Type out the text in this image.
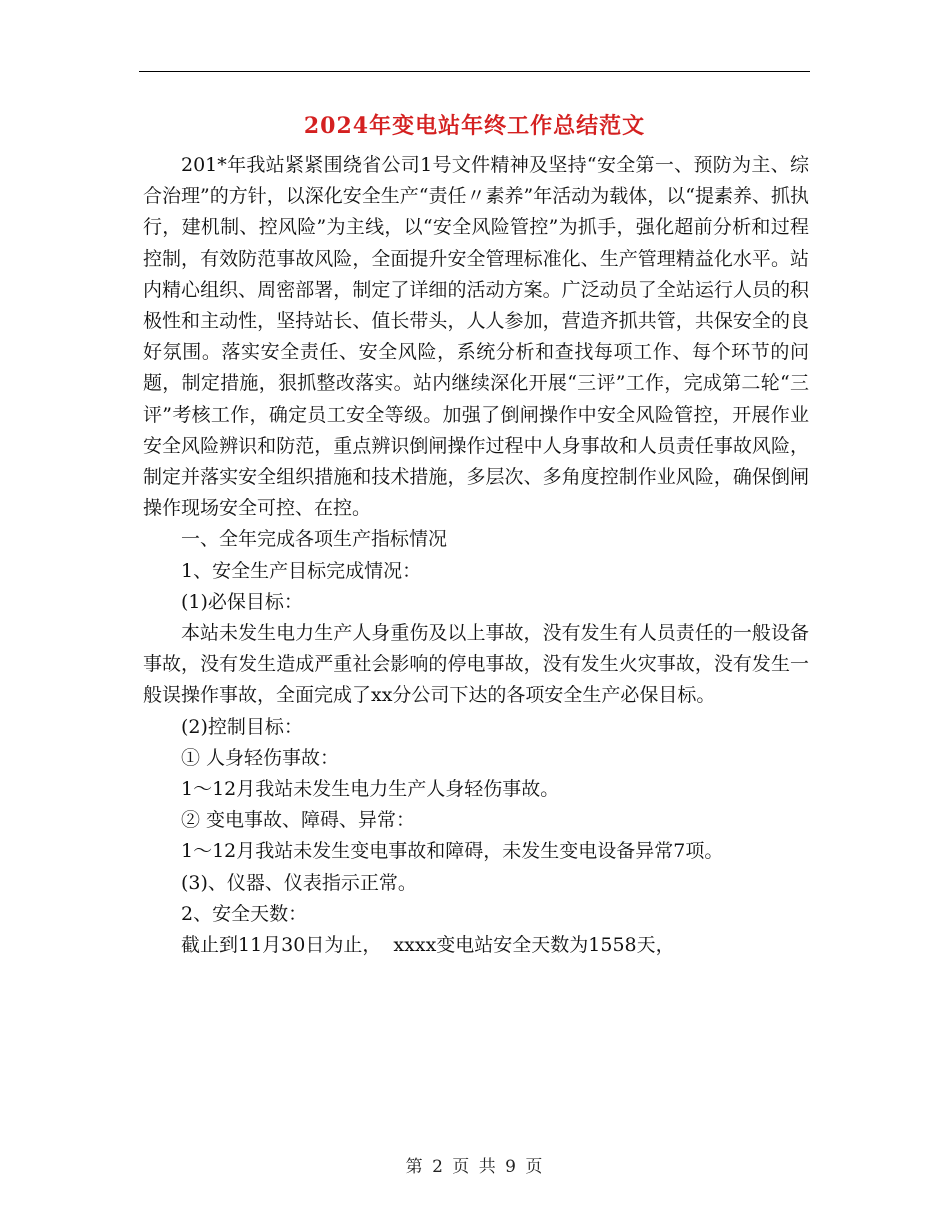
2024年变电站年终工作总结范文

201*年我站紧紧围绕省公司1号文件精神及坚持“安全第一、预防为主、综合治理”的方针，以深化安全生产“责任〃素养”年活动为载体，以“提素养、抓执行，建机制、控风险”为主线，以“安全风险管控”为抓手，强化超前分析和过程控制，有效防范事故风险，全面提升安全管理标准化、生产管理精益化水平。站内精心组织、周密部署，制定了详细的活动方案。广泛动员了全站运行人员的积极性和主动性，坚持站长、值长带头，人人参加，营造齐抓共管，共保安全的良好氛围。落实安全责任、安全风险，系统分析和查找每项工作、每个环节的问题，制定措施，狠抓整改落实。站内继续深化开展“三评”工作，完成第二轮“三评”考核工作，确定员工安全等级。加强了倒闸操作中安全风险管控，开展作业安全风险辨识和防范，重点辨识倒闸操作过程中人身事故和人员责任事故风险，制定并落实安全组织措施和技术措施，多层次、多角度控制作业风险，确保倒闸操作现场安全可控、在控。

一、全年完成各项生产指标情况

1、安全生产目标完成情况：

(1)必保目标：

本站未发生电力生产人身重伤及以上事故，没有发生有人员责任的一般设备事故，没有发生造成严重社会影响的停电事故，没有发生火灾事故，没有发生一般误操作事故，全面完成了xx分公司下达的各项安全生产必保目标。

(2)控制目标：

① 人身轻伤事故：

1～12月我站未发生电力生产人身轻伤事故。

② 变电事故、障碍、异常：

1～12月我站未发生变电事故和障碍，未发生变电设备异常7项。

(3)、仪器、仪表指示正常。

2、安全天数：

截止到11月30日为止，  xxxx变电站安全天数为1558天，

第 2 页 共 9 页
